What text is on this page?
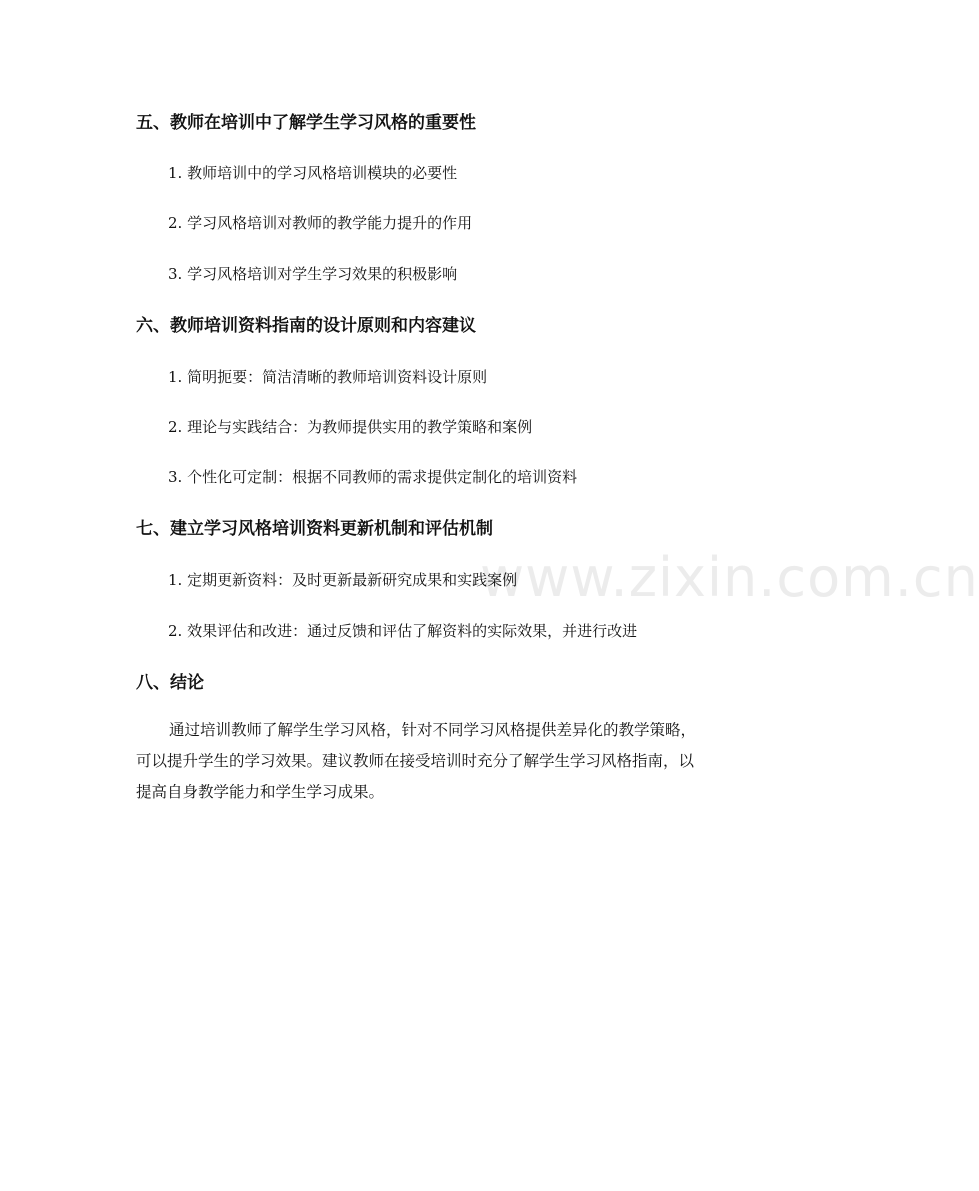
www.zixin.com.cn
五、教师在培训中了解学生学习风格的重要性

1. 教师培训中的学习风格培训模块的必要性

2. 学习风格培训对教师的教学能力提升的作用

3. 学习风格培训对学生学习效果的积极影响

六、教师培训资料指南的设计原则和内容建议

1. 简明扼要：简洁清晰的教师培训资料设计原则

2. 理论与实践结合：为教师提供实用的教学策略和案例

3. 个性化可定制：根据不同教师的需求提供定制化的培训资料

七、建立学习风格培训资料更新机制和评估机制

1. 定期更新资料：及时更新最新研究成果和实践案例

2. 效果评估和改进：通过反馈和评估了解资料的实际效果，并进行改进

八、结论
通过培训教师了解学生学习风格，针对不同学习风格提供差异化的教学策略，
可以提升学生的学习效果。建议教师在接受培训时充分了解学生学习风格指南，以
提高自身教学能力和学生学习成果。
